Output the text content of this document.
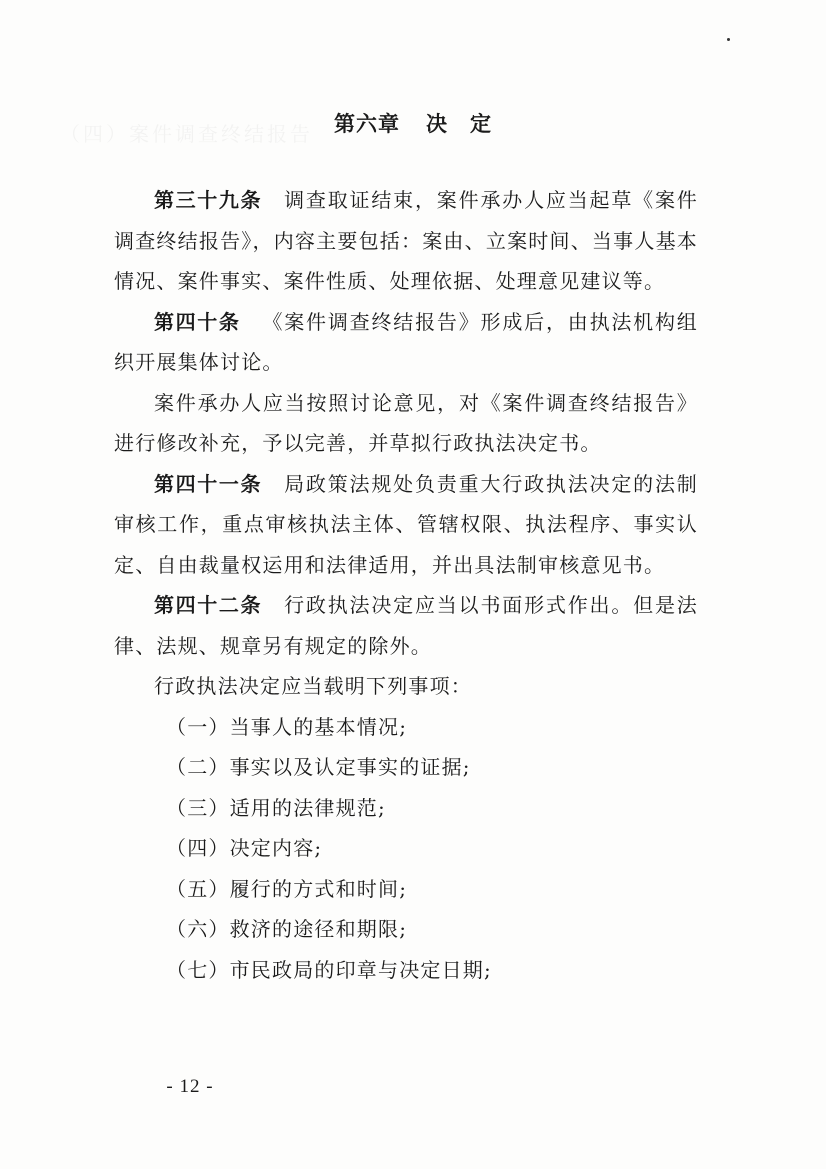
第六章 决　定

第三十九条 调查取证结束，案件承办人应当起草《案件调查终结报告》，内容主要包括：案由、立案时间、当事人基本情况、案件事实、案件性质、处理依据、处理意见建议等。

第四十条 《案件调查终结报告》形成后，由执法机构组织开展集体讨论。

案件承办人应当按照讨论意见，对《案件调查终结报告》进行修改补充，予以完善，并草拟行政执法决定书。

第四十一条 局政策法规处负责重大行政执法决定的法制审核工作，重点审核执法主体、管辖权限、执法程序、事实认定、自由裁量权运用和法律适用，并出具法制审核意见书。

第四十二条 行政执法决定应当以书面形式作出。但是法律、法规、规章另有规定的除外。

行政执法决定应当载明下列事项：

（一）当事人的基本情况;

（二）事实以及认定事实的证据;

（三）适用的法律规范;

（四）决定内容;

（五）履行的方式和时间;

（六）救济的途径和期限;

（七）市民政局的印章与决定日期;

- 12 -
